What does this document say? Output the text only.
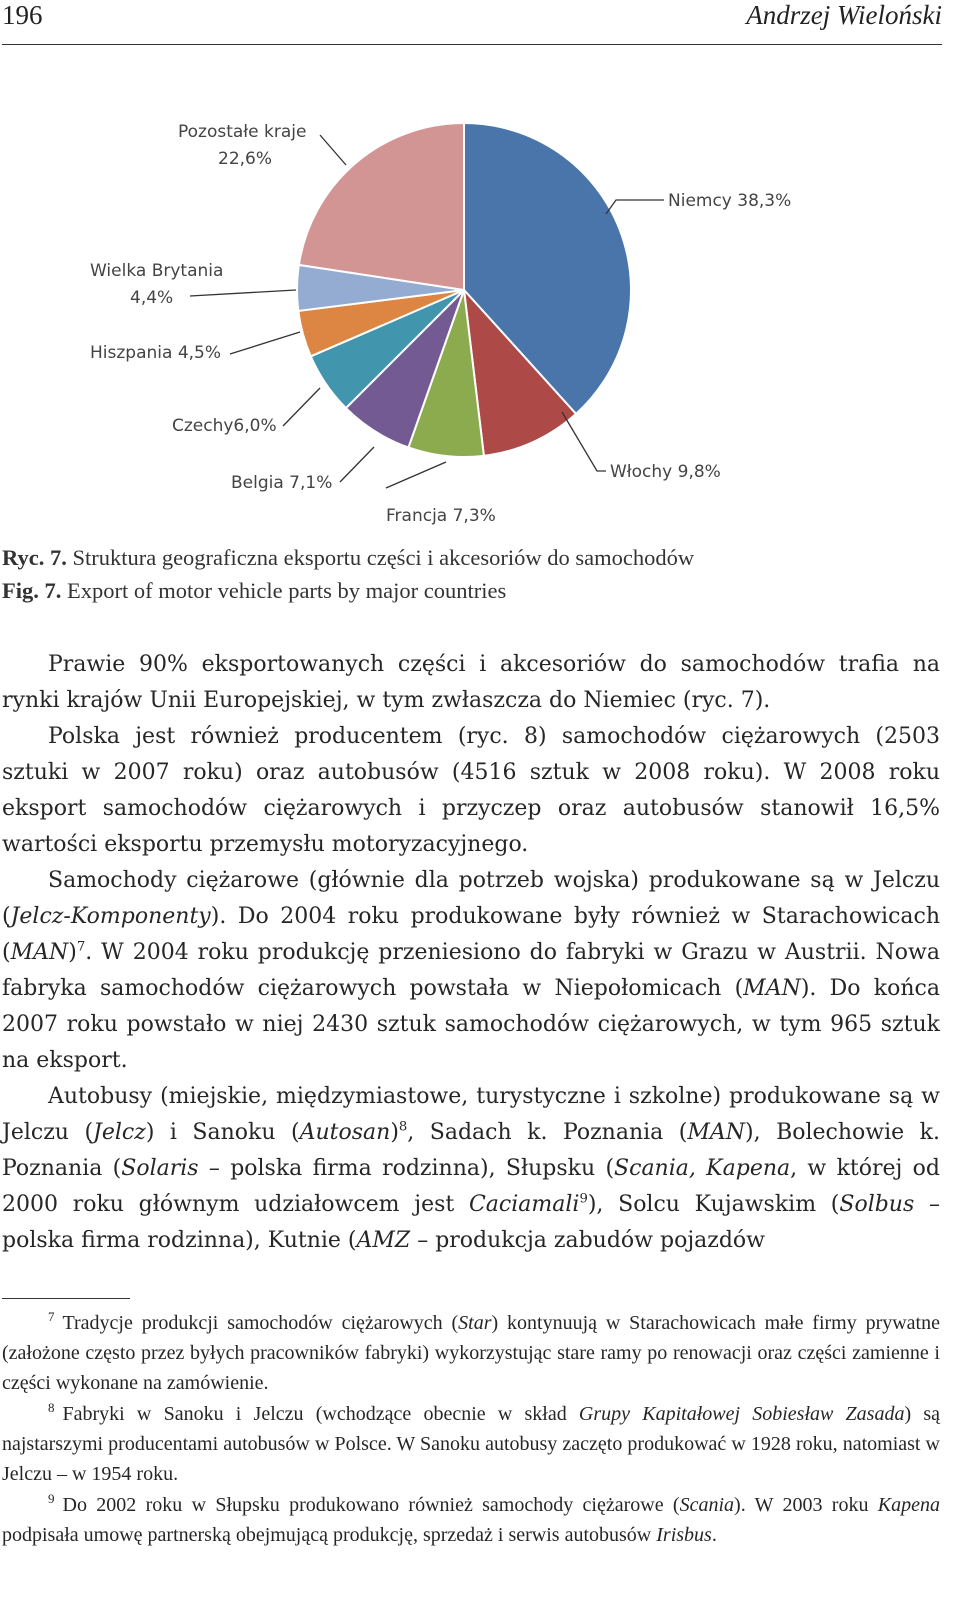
196	Andrzej Wieloński
Niemcy 38,3%
Włochy 9,8%
Francja 7,3%
Belgia 7,1%
Czechy6,0%
Hiszpania 4,5%
Wielka Brytania
4,4%
Pozostałe kraje
22,6%
Ryc. 7. Struktura geograficzna eksportu części i akcesoriów do samochodów
Fig. 7. Export of motor vehicle parts by major countries

Prawie 90% eksportowanych części i akcesoriów do samochodów trafia na rynki krajów Unii Europejskiej, w tym zwłaszcza do Niemiec (ryc. 7).

Polska jest również producentem (ryc. 8) samochodów ciężarowych (2503 sztuki w 2007 roku) oraz autobusów (4516 sztuk w 2008 roku). W 2008 roku eksport samochodów ciężarowych i przyczep oraz autobusów stanowił 16,5% wartości eksportu przemysłu motoryzacyjnego.

Samochody ciężarowe (głównie dla potrzeb wojska) produkowane są w Jelczu (Jelcz-Komponenty). Do 2004 roku produkowane były również w Starachowicach (MAN)$^7$. W 2004 roku produkcję przeniesiono do fabryki w Grazu w Austrii. Nowa fabryka samochodów ciężarowych powstała w Niepołomicach (MAN). Do końca 2007 roku powstało w niej 2430 sztuk samochodów ciężarowych, w tym 965 sztuk na eksport.

Autobusy (miejskie, międzymiastowe, turystyczne i szkolne) produkowane są w Jelczu (Jelcz) i Sanoku (Autosan)$^8$, Sadach k. Poznania (MAN), Bolechowie k. Poznania (Solaris – polska firma rodzinna), Słupsku (Scania, Kapena, w której od 2000 roku głównym udziałowcem jest Caciamali$^9$), Solcu Kujawskim (Solbus – polska firma rodzinna), Kutnie (AMZ – produkcja zabudów pojazdów

$^7$ Tradycje produkcji samochodów ciężarowych (Star) kontynuują w Starachowicach małe firmy prywatne (założone często przez byłych pracowników fabryki) wykorzystując stare ramy po renowacji oraz części zamienne i części wykonane na zamówienie.

$^8$ Fabryki w Sanoku i Jelczu (wchodzące obecnie w skład Grupy Kapitałowej Sobiesław Zasada) są najstarszymi producentami autobusów w Polsce. W Sanoku autobusy zaczęto produkować w 1928 roku, natomiast w Jelczu – w 1954 roku.

$^9$ Do 2002 roku w Słupsku produkowano również samochody ciężarowe (Scania). W 2003 roku Kapena podpisała umowę partnerską obejmującą produkcję, sprzedaż i serwis autobusów Irisbus.
